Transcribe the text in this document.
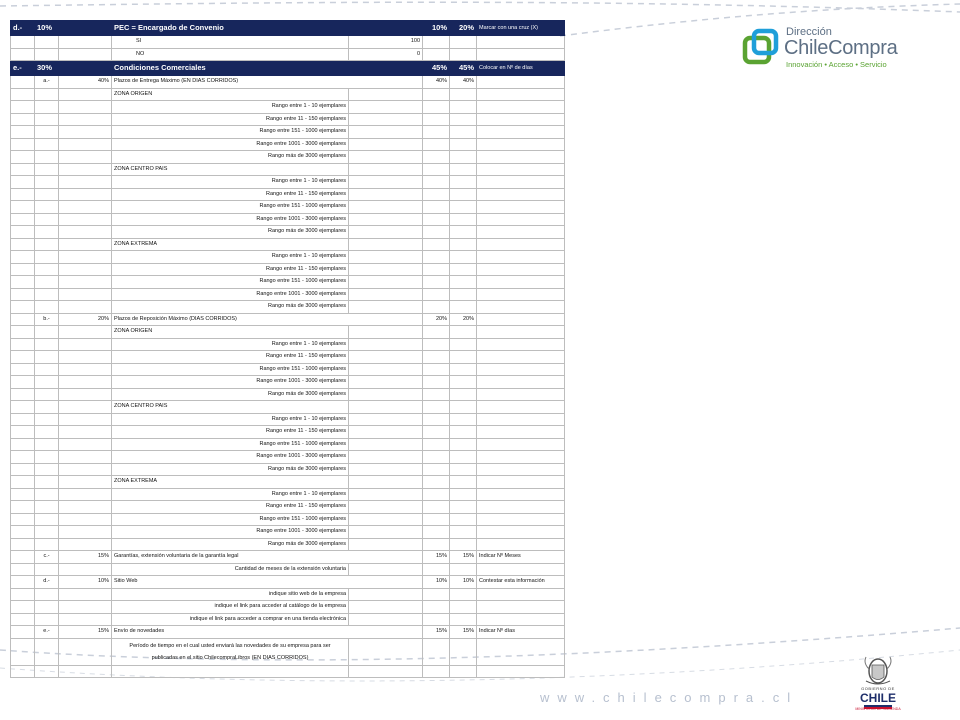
d.-	10%		PEC = Encargado de Convenio		10%	20%	Marcar con una cruz (X)
			SI	100			
			NO	0			
e.-	30%		Condiciones Comerciales		45%	45%	Colocar en Nº de días
	a.-	40%	Plazos de Entrega Máximo (EN DIAS CORRIDOS)		40%	40%	
			ZONA ORIGEN				
			Rango entre 1 - 10 ejemplares				
			Rango entre 11 - 150 ejemplares				
			Rango entre 151 - 1000 ejemplares				
			Rango entre 1001 - 3000 ejemplares				
			Rango más de 3000 ejemplares				
			ZONA CENTRO PAIS				
			Rango entre 1 - 10 ejemplares				
			Rango entre 11 - 150 ejemplares				
			Rango entre 151 - 1000 ejemplares				
			Rango entre 1001 - 3000 ejemplares				
			Rango más de 3000 ejemplares				
			ZONA EXTREMA				
			Rango entre 1 - 10 ejemplares				
			Rango entre 11 - 150 ejemplares				
			Rango entre 151 - 1000 ejemplares				
			Rango entre 1001 - 3000 ejemplares				
			Rango más de 3000 ejemplares				
	b.-	20%	Plazos de Reposición Máximo (DIAS CORRIDOS)		20%	20%	
			ZONA ORIGEN				
			Rango entre 1 - 10 ejemplares				
			Rango entre 11 - 150 ejemplares				
			Rango entre 151 - 1000 ejemplares				
			Rango entre 1001 - 3000 ejemplares				
			Rango más de 3000 ejemplares				
			ZONA CENTRO PAIS				
			Rango entre 1 - 10 ejemplares				
			Rango entre 11 - 150 ejemplares				
			Rango entre 151 - 1000 ejemplares				
			Rango entre 1001 - 3000 ejemplares				
			Rango más de 3000 ejemplares				
			ZONA EXTREMA				
			Rango entre 1 - 10 ejemplares				
			Rango entre 11 - 150 ejemplares				
			Rango entre 151 - 1000 ejemplares				
			Rango entre 1001 - 3000 ejemplares				
			Rango más de 3000 ejemplares				
	c.-	15%	Garantías, extensión voluntaria de la garantía legal		15%	15%	Indicar Nº Meses
			Cantidad de meses de la extensión voluntaria				
	d.-	10%	Sitio Web		10%	10%	Contestar esta información
			indique sitio web de la empresa				
			indique el link para acceder al catálogo de la empresa				
			indique el link para acceder a comprar en una tienda electrónica				
	e.-	15%	Envío de novedades		15%	15%	Indicar Nº días

			Período de tiempo en el cual usted enviará las novedades de su empresa para ser
publicadas en el sitio ChilecompraLibros (EN DIAS CORRIDOS)				

Dirección
ChileCompra
Innovación • Acceso • Servicio
www.chilecompra.cl
GOBIERNO DE
CHILE
MINISTERIO DE HACIENDA
